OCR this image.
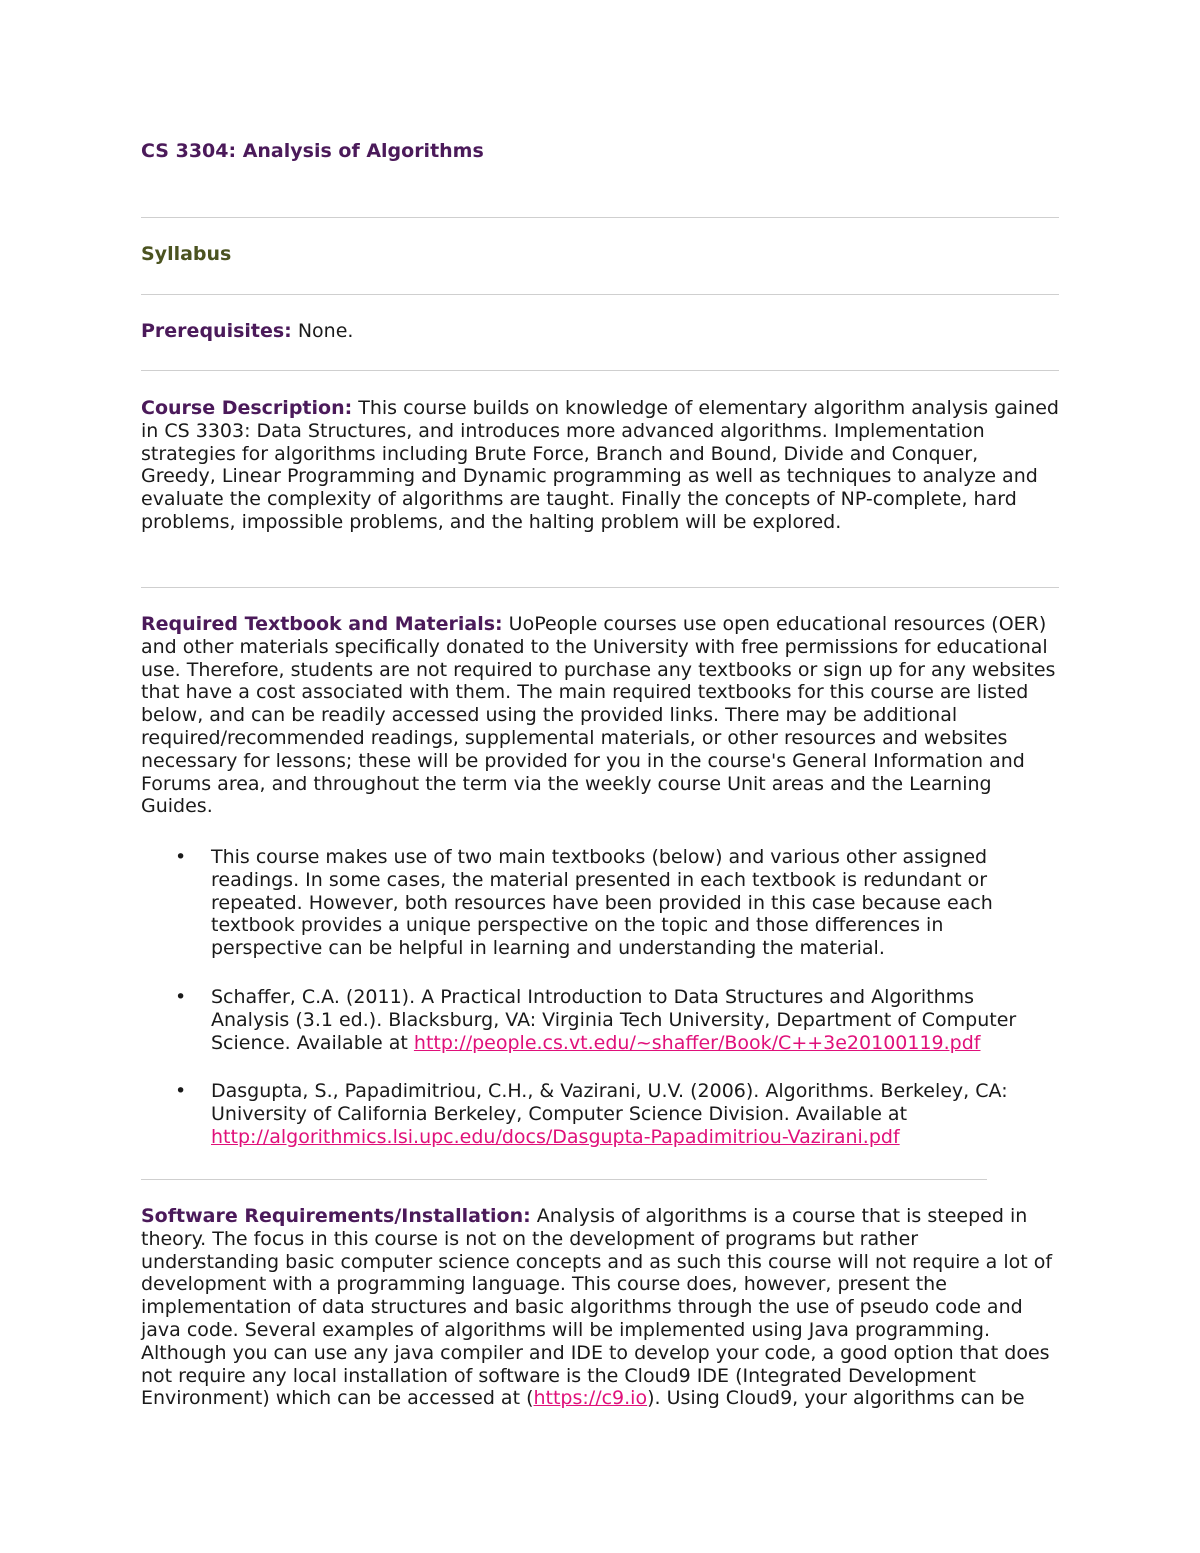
CS 3304: Analysis of Algorithms
Syllabus

Prerequisites: None.

Course Description: This course builds on knowledge of elementary algorithm analysis gained in CS 3303: Data Structures, and introduces more advanced algorithms. Implementation strategies for algorithms including Brute Force, Branch and Bound, Divide and Conquer, Greedy, Linear Programming and Dynamic programming as well as techniques to analyze and evaluate the complexity of algorithms are taught. Finally the concepts of NP-complete, hard problems, impossible problems, and the halting problem will be explored.

Required Textbook and Materials: UoPeople courses use open educational resources (OER) and other materials specifically donated to the University with free permissions for educational use. Therefore, students are not required to purchase any textbooks or sign up for any websites that have a cost associated with them. The main required textbooks for this course are listed below, and can be readily accessed using the provided links. There may be additional required/recommended readings, supplemental materials, or other resources and websites necessary for lessons; these will be provided for you in the course's General Information and Forums area, and throughout the term via the weekly course Unit areas and the Learning Guides.

• This course makes use of two main textbooks (below) and various other assigned readings. In some cases, the material presented in each textbook is redundant or repeated. However, both resources have been provided in this case because each textbook provides a unique perspective on the topic and those differences in perspective can be helpful in learning and understanding the material.
• Schaffer, C.A. (2011). A Practical Introduction to Data Structures and Algorithms Analysis (3.1 ed.). Blacksburg, VA: Virginia Tech University, Department of Computer Science. Available at http://people.cs.vt.edu/~shaffer/Book/C++3e20100119.pdf
• Dasgupta, S., Papadimitriou, C.H., & Vazirani, U.V. (2006). Algorithms. Berkeley, CA: University of California Berkeley, Computer Science Division. Available at http://algorithmics.lsi.upc.edu/docs/Dasgupta-Papadimitriou-Vazirani.pdf

Software Requirements/Installation: Analysis of algorithms is a course that is steeped in theory. The focus in this course is not on the development of programs but rather understanding basic computer science concepts and as such this course will not require a lot of development with a programming language. This course does, however, present the implementation of data structures and basic algorithms through the use of pseudo code and java code. Several examples of algorithms will be implemented using Java programming. Although you can use any java compiler and IDE to develop your code, a good option that does not require any local installation of software is the Cloud9 IDE (Integrated Development Environment) which can be accessed at (https://c9.io). Using Cloud9, your algorithms can be
